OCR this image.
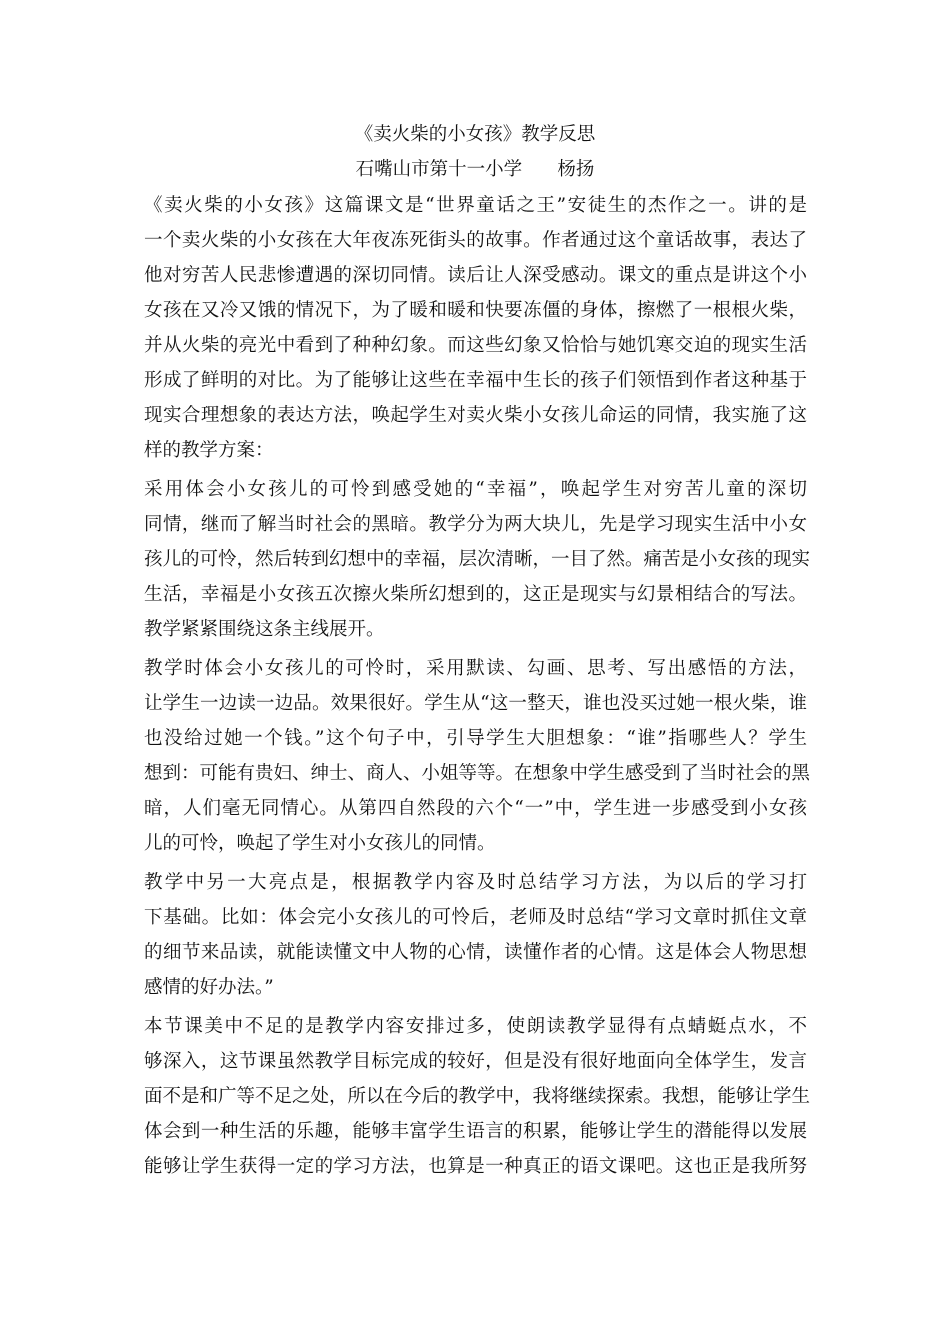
《卖火柴的小女孩》教学反思
石嘴山市第十一小学      杨扬
《卖火柴的小女孩》这篇课文是“世界童话之王”安徒生的杰作之一。讲的是
一个卖火柴的小女孩在大年夜冻死街头的故事。作者通过这个童话故事，表达了
他对穷苦人民悲惨遭遇的深切同情。读后让人深受感动。课文的重点是讲这个小
女孩在又冷又饿的情况下，为了暖和暖和快要冻僵的身体，擦燃了一根根火柴，
并从火柴的亮光中看到了种种幻象。而这些幻象又恰恰与她饥寒交迫的现实生活
形成了鲜明的对比。为了能够让这些在幸福中生长的孩子们领悟到作者这种基于
现实合理想象的表达方法，唤起学生对卖火柴小女孩儿命运的同情，我实施了这
样的教学方案：
采用体会小女孩儿的可怜到感受她的“幸福”，唤起学生对穷苦儿童的深切
同情，继而了解当时社会的黑暗。教学分为两大块儿，先是学习现实生活中小女
孩儿的可怜，然后转到幻想中的幸福，层次清晰，一目了然。痛苦是小女孩的现实
生活，幸福是小女孩五次擦火柴所幻想到的，这正是现实与幻景相结合的写法。
教学紧紧围绕这条主线展开。
教学时体会小女孩儿的可怜时，采用默读、勾画、思考、写出感悟的方法，
让学生一边读一边品。效果很好。学生从“这一整天，谁也没买过她一根火柴，谁
也没给过她一个钱。”这个句子中，引导学生大胆想象：“谁”指哪些人？学生
想到：可能有贵妇、绅士、商人、小姐等等。在想象中学生感受到了当时社会的黑
暗，人们毫无同情心。从第四自然段的六个“一”中，学生进一步感受到小女孩
儿的可怜，唤起了学生对小女孩儿的同情。
教学中另一大亮点是，根据教学内容及时总结学习方法，为以后的学习打
下基础。比如：体会完小女孩儿的可怜后，老师及时总结“学习文章时抓住文章
的细节来品读，就能读懂文中人物的心情，读懂作者的心情。这是体会人物思想
感情的好办法。”
本节课美中不足的是教学内容安排过多，使朗读教学显得有点蜻蜓点水，不
够深入，这节课虽然教学目标完成的较好，但是没有很好地面向全体学生，发言
面不是和广等不足之处，所以在今后的教学中，我将继续探索。我想，能够让学生
体会到一种生活的乐趣，能够丰富学生语言的积累，能够让学生的潜能得以发展
能够让学生获得一定的学习方法，也算是一种真正的语文课吧。这也正是我所努
